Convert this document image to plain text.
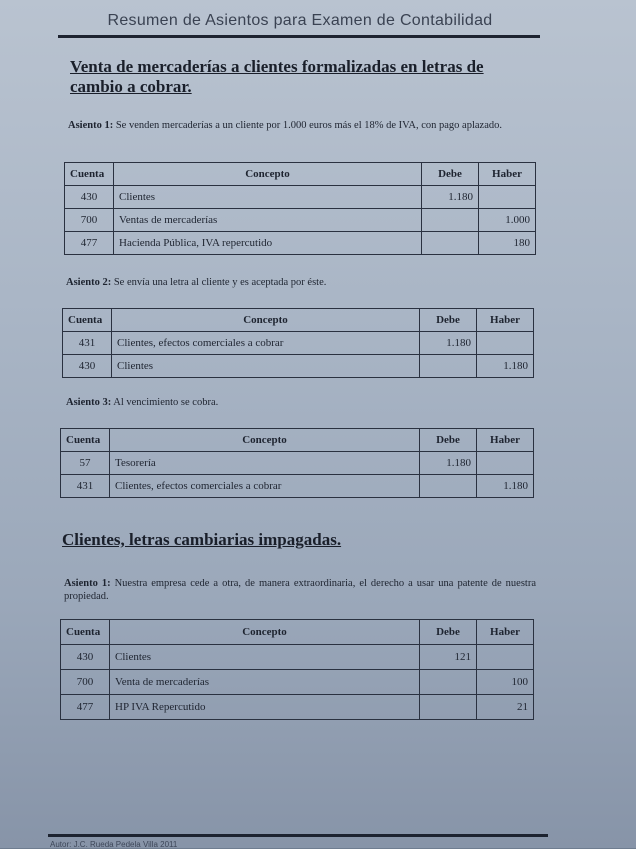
Resumen de Asientos para Examen de Contabilidad
Venta de mercaderías a clientes formalizadas en letras de cambio a cobrar.
Asiento 1: Se venden mercaderías a un cliente por 1.000 euros más el 18% de IVA, con pago aplazado.
Cuenta	Concepto	Debe	Haber
430	Clientes	1.180	
700	Ventas de mercaderías		1.000
477	Hacienda Pública, IVA repercutido		180
Asiento 2: Se envía una letra al cliente y es aceptada por éste.
Cuenta	Concepto	Debe	Haber
431	Clientes, efectos comerciales a cobrar	1.180	
430	Clientes		1.180
Asiento 3: Al vencimiento se cobra.
Cuenta	Concepto	Debe	Haber
57	Tesorería	1.180	
431	Clientes, efectos comerciales a cobrar		1.180
Clientes, letras cambiarias impagadas.
Asiento 1: Nuestra empresa cede a otra, de manera extraordinaria, el derecho a usar una patente de nuestra propiedad.
Cuenta	Concepto	Debe	Haber
430	Clientes	121	
700	Venta de mercaderías		100
477	HP IVA Repercutido		21
Autor: J.C. Rueda Pedela Villa 2011
